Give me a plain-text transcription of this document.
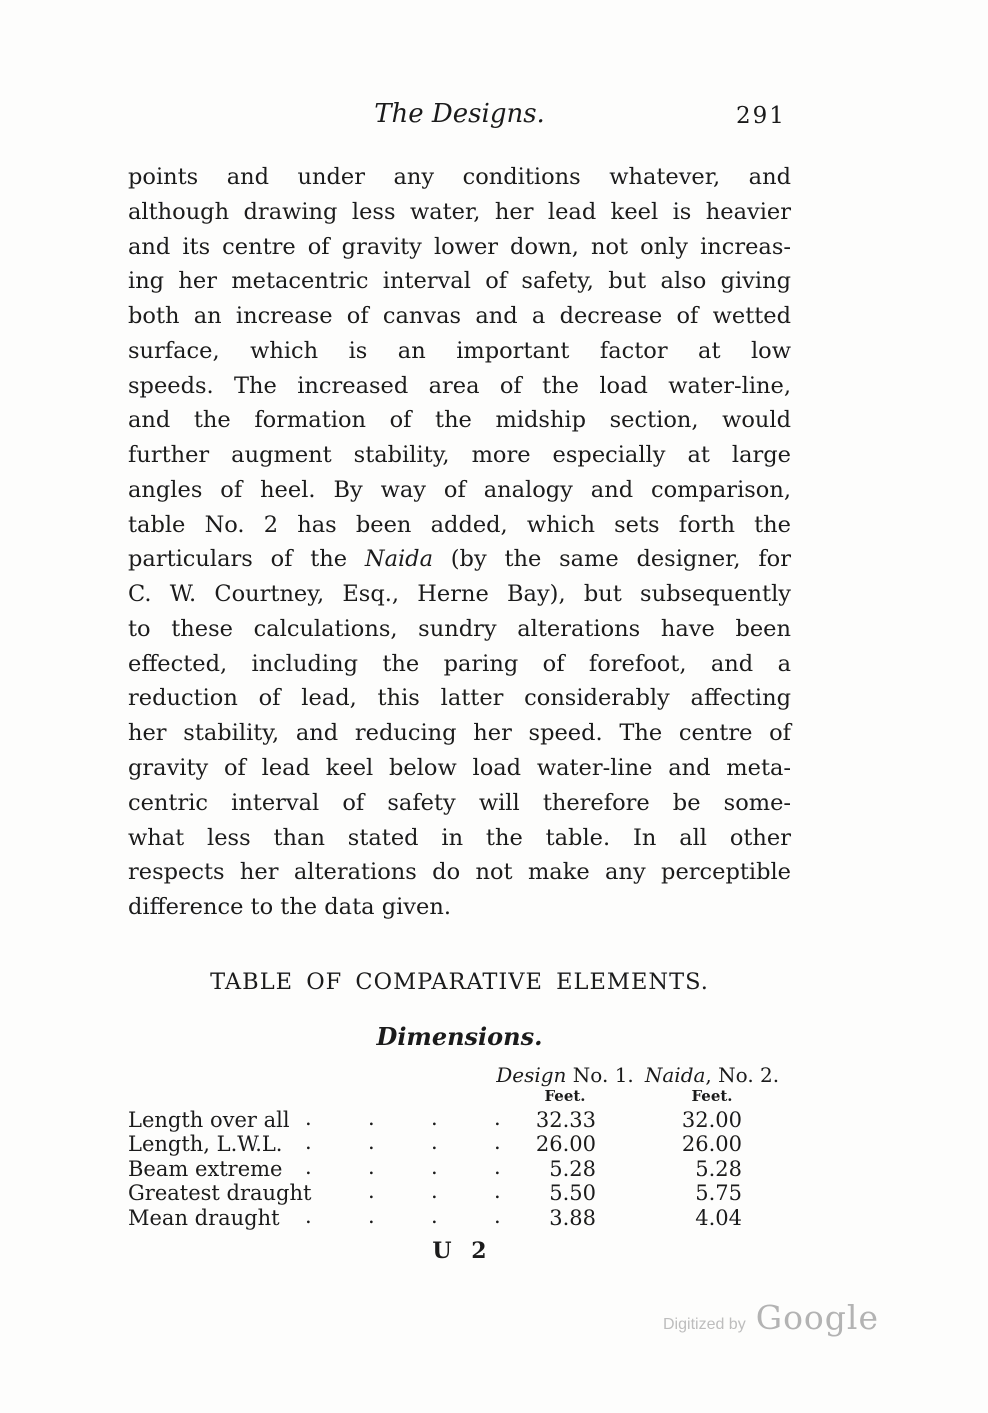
The Designs.	291
points and under any conditions whatever, and
although drawing less water, her lead keel is heavier
and its centre of gravity lower down, not only increas-
ing her metacentric interval of safety, but also giving
both an increase of canvas and a decrease of wetted
surface, which is an important factor at low
speeds. The increased area of the load water-line,
and the formation of the midship section, would
further augment stability, more especially at large
angles of heel. By way of analogy and comparison,
table No. 2 has been added, which sets forth the
particulars of the Naida (by the same designer, for
C. W. Courtney, Esq., Herne Bay), but subsequently
to these calculations, sundry alterations have been
effected, including the paring of forefoot, and a
reduction of lead, this latter considerably affecting
her stability, and reducing her speed. The centre of
gravity of lead keel below load water-line and meta-
centric interval of safety will therefore be some-
what less than stated in the table. In all other
respects her alterations do not make any perceptible
difference to the data given.
TABLE OF COMPARATIVE ELEMENTS.
Dimensions.
Design No. 1. Naida, No. 2.
Feet.	Feet.
Length over all . . . .	32.33	32.00
Length, L.W.L. . . . .	26.00	26.00
Beam extreme . . . .	5.28	5.28
Greatest draught . . .	5.50	5.75
Mean draught . . . .	3.88	4.04
U 2
Digitized by Google
